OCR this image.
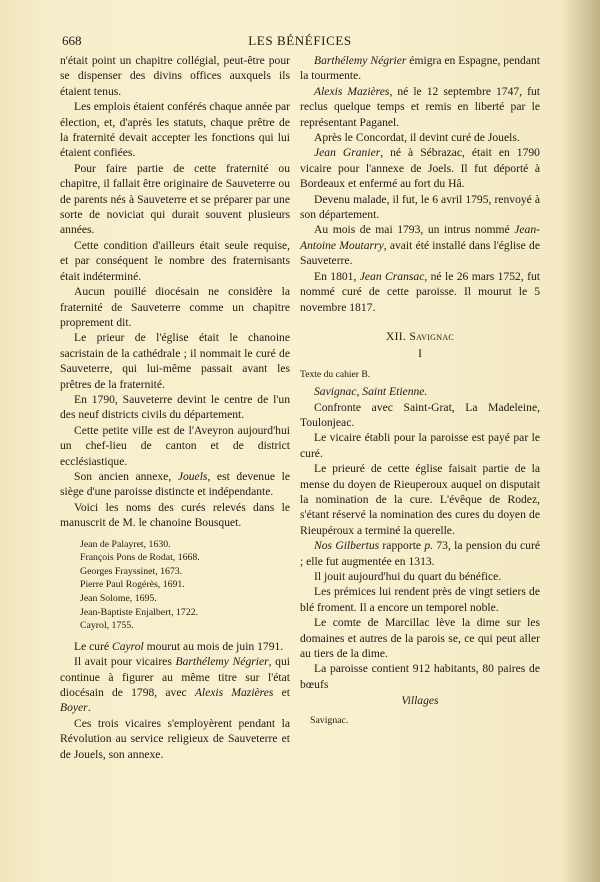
668	LES BÉNÉFICES

n'était point un chapitre collégial, peut-être pour se dispenser des divins offices auxquels ils étaient tenus.

Les emplois étaient conférés chaque année par élection, et, d'après les statuts, chaque prêtre de la fraternité devait accepter les fonctions qui lui étaient confiées.

Pour faire partie de cette fraternité ou chapitre, il fallait être originaire de Sauveterre ou de parents nés à Sauveterre et se préparer par une sorte de noviciat qui durait souvent plusieurs années.

Cette condition d'ailleurs était seule requise, et par conséquent le nombre des fraternisants était indéterminé.

Aucun pouillé diocésain ne considère la fraternité de Sauveterre comme un chapitre proprement dit.

Le prieur de l'église était le chanoine sacristain de la cathédrale ; il nommait le curé de Sauveterre, qui lui-même passait avant les prêtres de la fraternité.

En 1790, Sauveterre devint le centre de l'un des neuf districts civils du département.

Cette petite ville est de l'Aveyron aujourd'hui un chef-lieu de canton et de district ecclésiastique.

Son ancien annexe, Jouels, est devenue le siège d'une paroisse distincte et indépendante.

Voici les noms des curés relevés dans le manuscrit de M. le chanoine Bousquet.

Jean de Palayret, 1630.
François Pons de Rodat, 1668.
Georges Frayssinet, 1673.
Pierre Paul Rogérès, 1691.
Jean Solome, 1695.
Jean-Baptiste Enjalbert, 1722.
Cayrol, 1755.

Le curé Cayrol mourut au mois de juin 1791.

Il avait pour vicaires Barthélemy Négrier, qui continue à figurer au même titre sur l'état diocésain de 1798, avec Alexis Mazières et Boyer.

Ces trois vicaires s'employèrent pendant la Révolution au service religieux de Sauveterre et de Jouels, son annexe.

Barthélemy Négrier émigra en Espagne, pendant la tourmente.

Alexis Mazières, né le 12 septembre 1747, fut reclus quelque temps et remis en liberté par le représentant Paganel.

Après le Concordat, il devint curé de Jouels.

Jean Granier, né à Sébrazac, était en 1790 vicaire pour l'annexe de Joels. Il fut déporté à Bordeaux et enfermé au fort du Hâ.

Devenu malade, il fut, le 6 avril 1795, renvoyé à son département.

Au mois de mai 1793, un intrus nommé Jean-Antoine Moutarry, avait été installé dans l'église de Sauveterre.

En 1801, Jean Cransac, né le 26 mars 1752, fut nommé curé de cette paroisse. Il mourut le 5 novembre 1817.

XII. Savignac

I

Texte du cahier B.

Savignac, Saint Etienne.

Confronte avec Saint-Grat, La Madeleine, Toulonjeac.

Le vicaire établi pour la paroisse est payé par le curé.

Le prieuré de cette église faisait partie de la mense du doyen de Rieuperoux auquel on disputait la nomination de la cure. L'évêque de Rodez, s'étant réservé la nomination des cures du doyen de Rieupéroux a terminé la querelle.

Nos Gilbertus rapporte p. 73, la pension du curé ; elle fut augmentée en 1313.

Il jouit aujourd'hui du quart du bénéfice.

Les prémices lui rendent près de vingt setiers de blé froment. Il a encore un temporel noble.

Le comte de Marcillac lève la dime sur les domaines et autres de la parois se, ce qui peut aller au tiers de la dime.

La paroisse contient 912 habitants, 80 paires de bœufs

Villages

Savignac.
